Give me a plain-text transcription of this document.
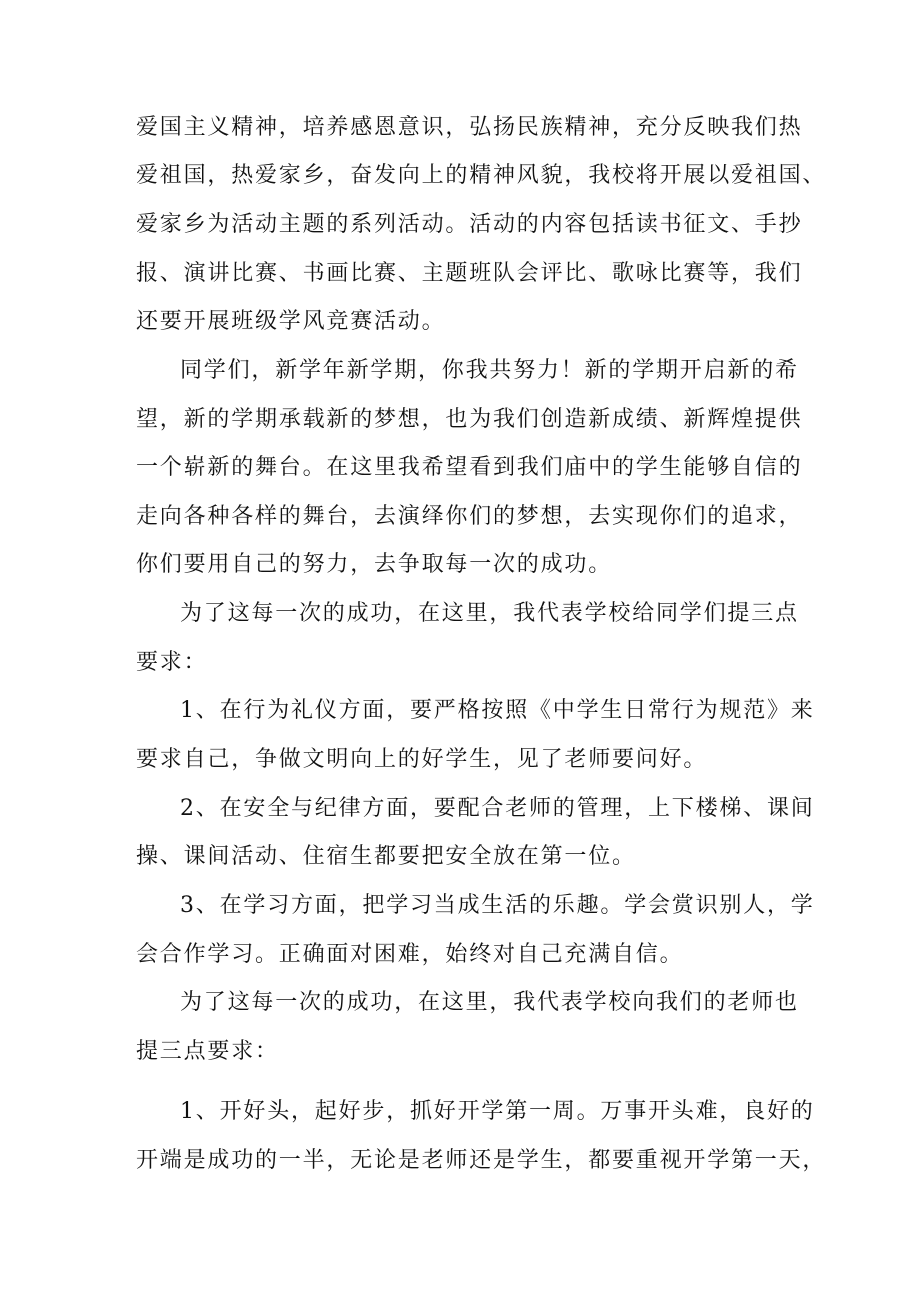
爱国主义精神，培养感恩意识，弘扬民族精神，充分反映我们热
爱祖国，热爱家乡，奋发向上的精神风貌，我校将开展以爱祖国、
爱家乡为活动主题的系列活动。活动的内容包括读书征文、手抄
报、演讲比赛、书画比赛、主题班队会评比、歌咏比赛等，我们
还要开展班级学风竞赛活动。
同学们，新学年新学期，你我共努力！新的学期开启新的希
望，新的学期承载新的梦想，也为我们创造新成绩、新辉煌提供
一个崭新的舞台。在这里我希望看到我们庙中的学生能够自信的
走向各种各样的舞台，去演绎你们的梦想，去实现你们的追求，
你们要用自己的努力，去争取每一次的成功。
为了这每一次的成功，在这里，我代表学校给同学们提三点
要求：
1、在行为礼仪方面，要严格按照《中学生日常行为规范》来
要求自己，争做文明向上的好学生，见了老师要问好。
2、在安全与纪律方面，要配合老师的管理，上下楼梯、课间
操、课间活动、住宿生都要把安全放在第一位。
3、在学习方面，把学习当成生活的乐趣。学会赏识别人，学
会合作学习。正确面对困难，始终对自己充满自信。
为了这每一次的成功，在这里，我代表学校向我们的老师也
提三点要求：
1、开好头，起好步，抓好开学第一周。万事开头难，良好的
开端是成功的一半，无论是老师还是学生，都要重视开学第一天，
